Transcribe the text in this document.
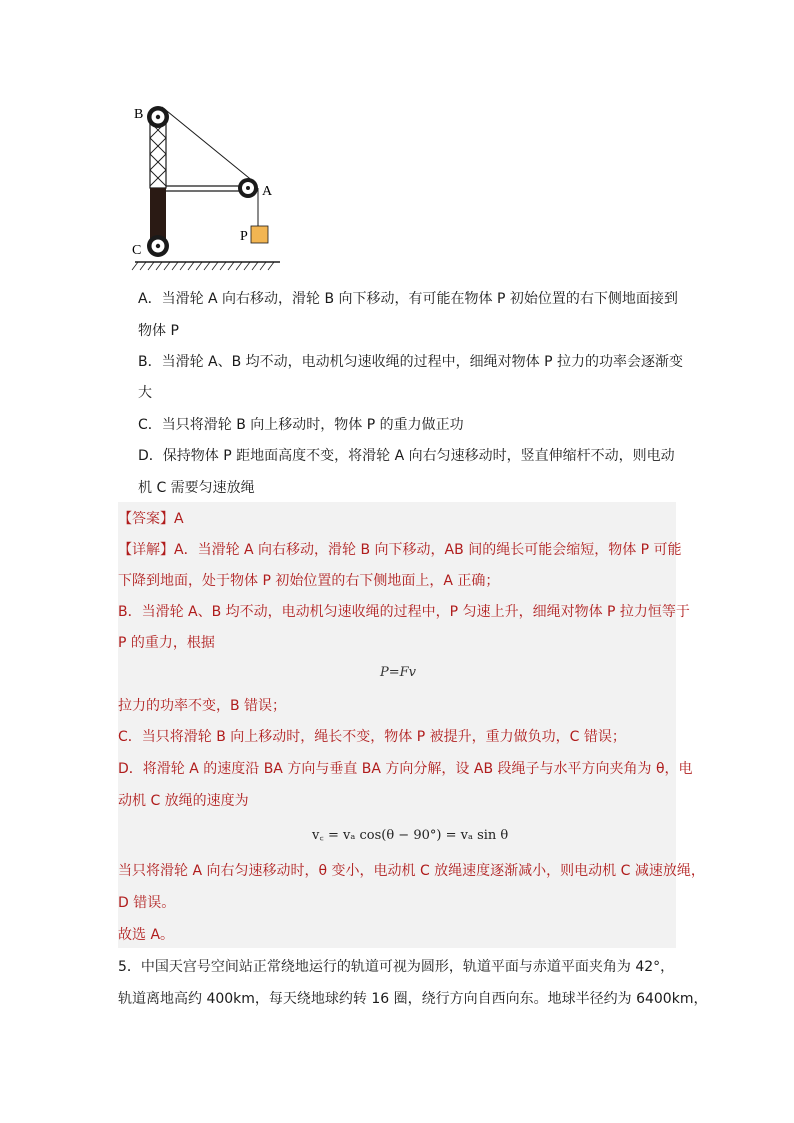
B
A
C
P
A．当滑轮 A 向右移动，滑轮 B 向下移动，有可能在物体 P 初始位置的右下侧地面接到
物体 P
B．当滑轮 A、B 均不动，电动机匀速收绳的过程中，细绳对物体 P 拉力的功率会逐渐变
大
C．当只将滑轮 B 向上移动时，物体 P 的重力做正功
D．保持物体 P 距地面高度不变，将滑轮 A 向右匀速移动时，竖直伸缩杆不动，则电动
机 C 需要匀速放绳
【答案】A
【详解】A．当滑轮 A 向右移动，滑轮 B 向下移动，AB 间的绳长可能会缩短，物体 P 可能
下降到地面，处于物体 P 初始位置的右下侧地面上，A 正确；
B．当滑轮 A、B 均不动，电动机匀速收绳的过程中，P 匀速上升，细绳对物体 P 拉力恒等于
P 的重力，根据
P=Fv
拉力的功率不变，B 错误；
C．当只将滑轮 B 向上移动时，绳长不变，物体 P 被提升，重力做负功，C 错误；
D．将滑轮 A 的速度沿 BA 方向与垂直 BA 方向分解，设 AB 段绳子与水平方向夹角为 θ，电
动机 C 放绳的速度为
v꜀ = vₐ cos(θ − 90°) = vₐ sin θ
当只将滑轮 A 向右匀速移动时，θ 变小，电动机 C 放绳速度逐渐减小，则电动机 C 减速放绳，
D 错误。
故选 A。
5．中国天宫号空间站正常绕地运行的轨道可视为圆形，轨道平面与赤道平面夹角为 42°，
轨道离地高约 400km，每天绕地球约转 16 圈，绕行方向自西向东。地球半径约为 6400km，
